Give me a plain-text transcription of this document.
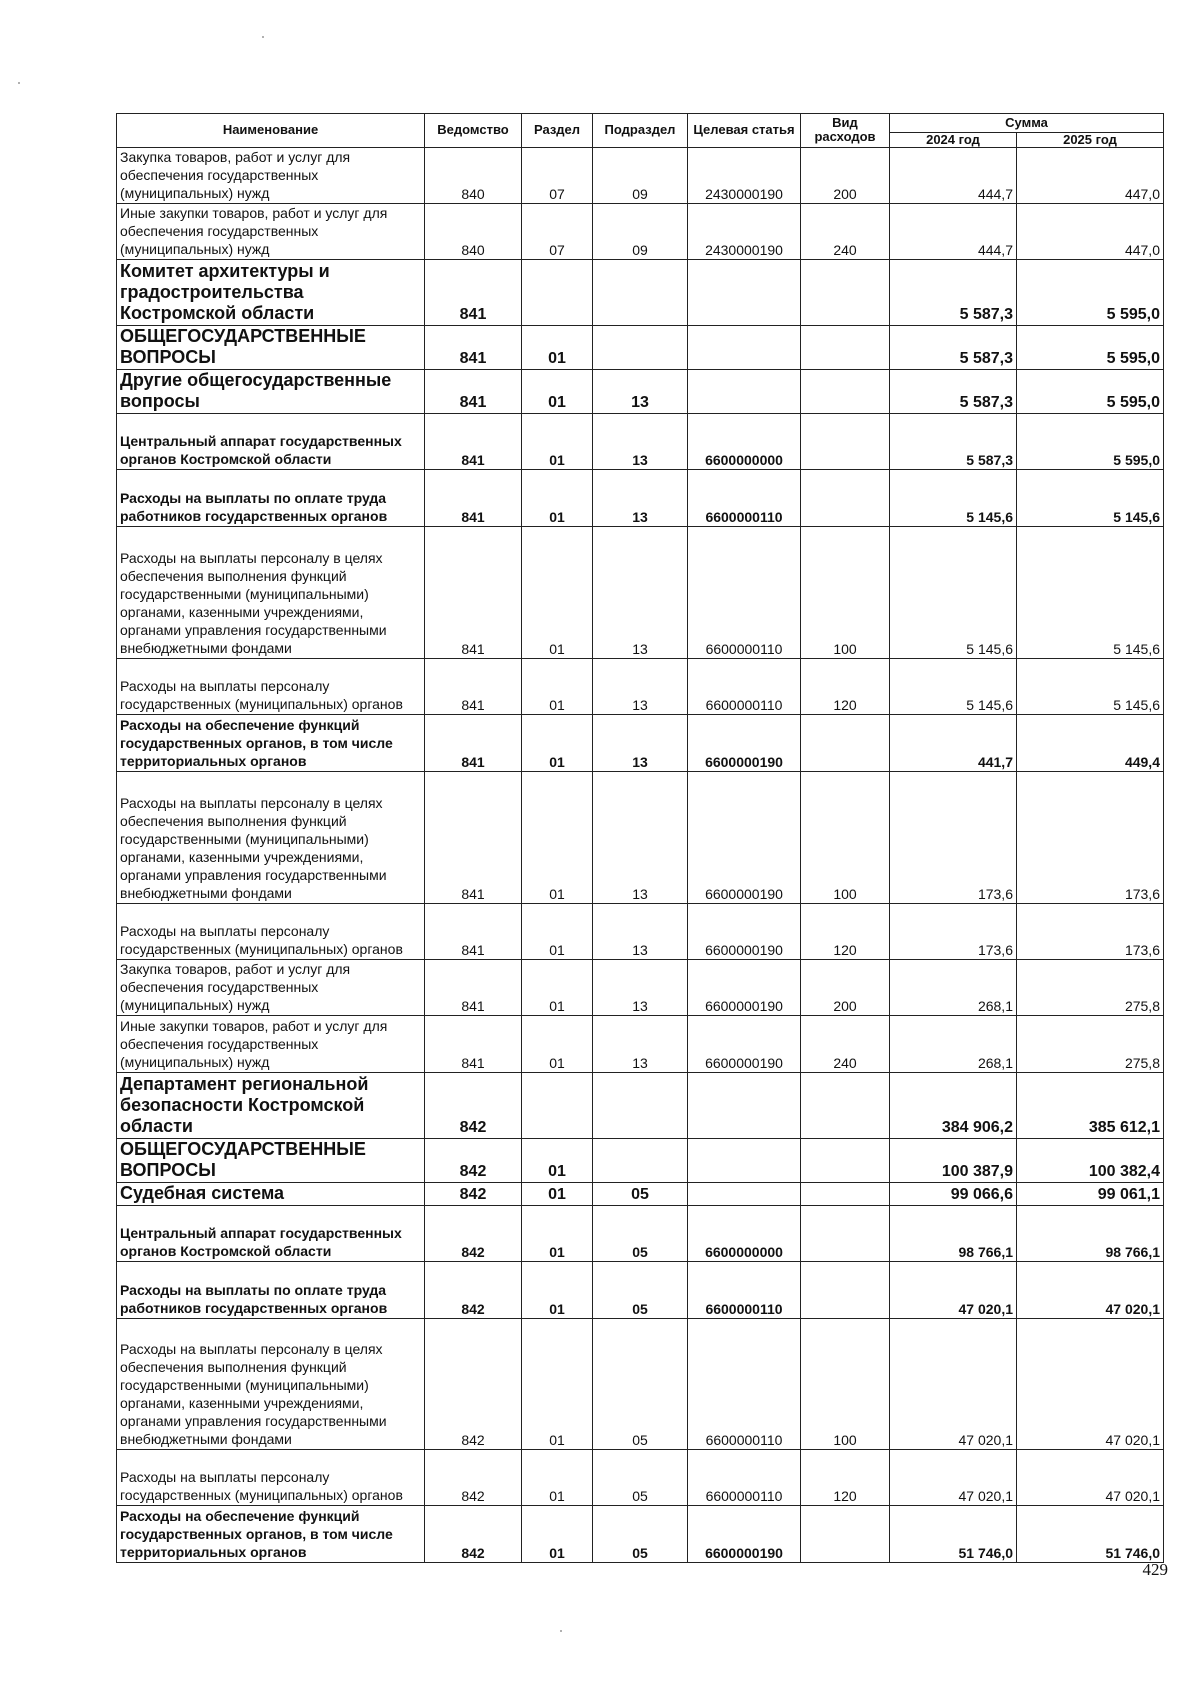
Наименование	Ведомство	Раздел	Подраздел	Целевая статья	Вид расходов	Сумма	
						2024 год	2025 год
Закупка товаров, работ и услуг для обеспечения государственных (муниципальных) нужд	840	07	09	2430000190	200	444,7	447,0
Иные закупки товаров, работ и услуг для обеспечения государственных (муниципальных) нужд	840	07	09	2430000190	240	444,7	447,0
Комитет архитектуры и градостроительства Костромской области	841					5 587,3	5 595,0
ОБЩЕГОСУДАРСТВЕННЫЕ ВОПРОСЫ	841	01				5 587,3	5 595,0
Другие общегосударственные вопросы	841	01	13			5 587,3	5 595,0
Центральный аппарат государственных органов Костромской области	841	01	13	6600000000		5 587,3	5 595,0
Расходы на выплаты по оплате труда работников государственных органов	841	01	13	6600000110		5 145,6	5 145,6
Расходы на выплаты персоналу в целях обеспечения выполнения функций государственными (муниципальными) органами, казенными учреждениями, органами управления государственными внебюджетными фондами	841	01	13	6600000110	100	5 145,6	5 145,6
Расходы на выплаты персоналу государственных (муниципальных) органов	841	01	13	6600000110	120	5 145,6	5 145,6
Расходы на обеспечение функций государственных органов, в том числе территориальных органов	841	01	13	6600000190		441,7	449,4
Расходы на выплаты персоналу в целях обеспечения выполнения функций государственными (муниципальными) органами, казенными учреждениями, органами управления государственными внебюджетными фондами	841	01	13	6600000190	100	173,6	173,6
Расходы на выплаты персоналу государственных (муниципальных) органов	841	01	13	6600000190	120	173,6	173,6
Закупка товаров, работ и услуг для обеспечения государственных (муниципальных) нужд	841	01	13	6600000190	200	268,1	275,8
Иные закупки товаров, работ и услуг для обеспечения государственных (муниципальных) нужд	841	01	13	6600000190	240	268,1	275,8
Департамент региональной безопасности Костромской области	842					384 906,2	385 612,1
ОБЩЕГОСУДАРСТВЕННЫЕ ВОПРОСЫ	842	01				100 387,9	100 382,4
Судебная система	842	01	05			99 066,6	99 061,1
Центральный аппарат государственных органов Костромской области	842	01	05	6600000000		98 766,1	98 766,1
Расходы на выплаты по оплате труда работников государственных органов	842	01	05	6600000110		47 020,1	47 020,1
Расходы на выплаты персоналу в целях обеспечения выполнения функций государственными (муниципальными) органами, казенными учреждениями, органами управления государственными внебюджетными фондами	842	01	05	6600000110	100	47 020,1	47 020,1
Расходы на выплаты персоналу государственных (муниципальных) органов	842	01	05	6600000110	120	47 020,1	47 020,1
Расходы на обеспечение функций государственных органов, в том числе территориальных органов	842	01	05	6600000190		51 746,0	51 746,0
429
